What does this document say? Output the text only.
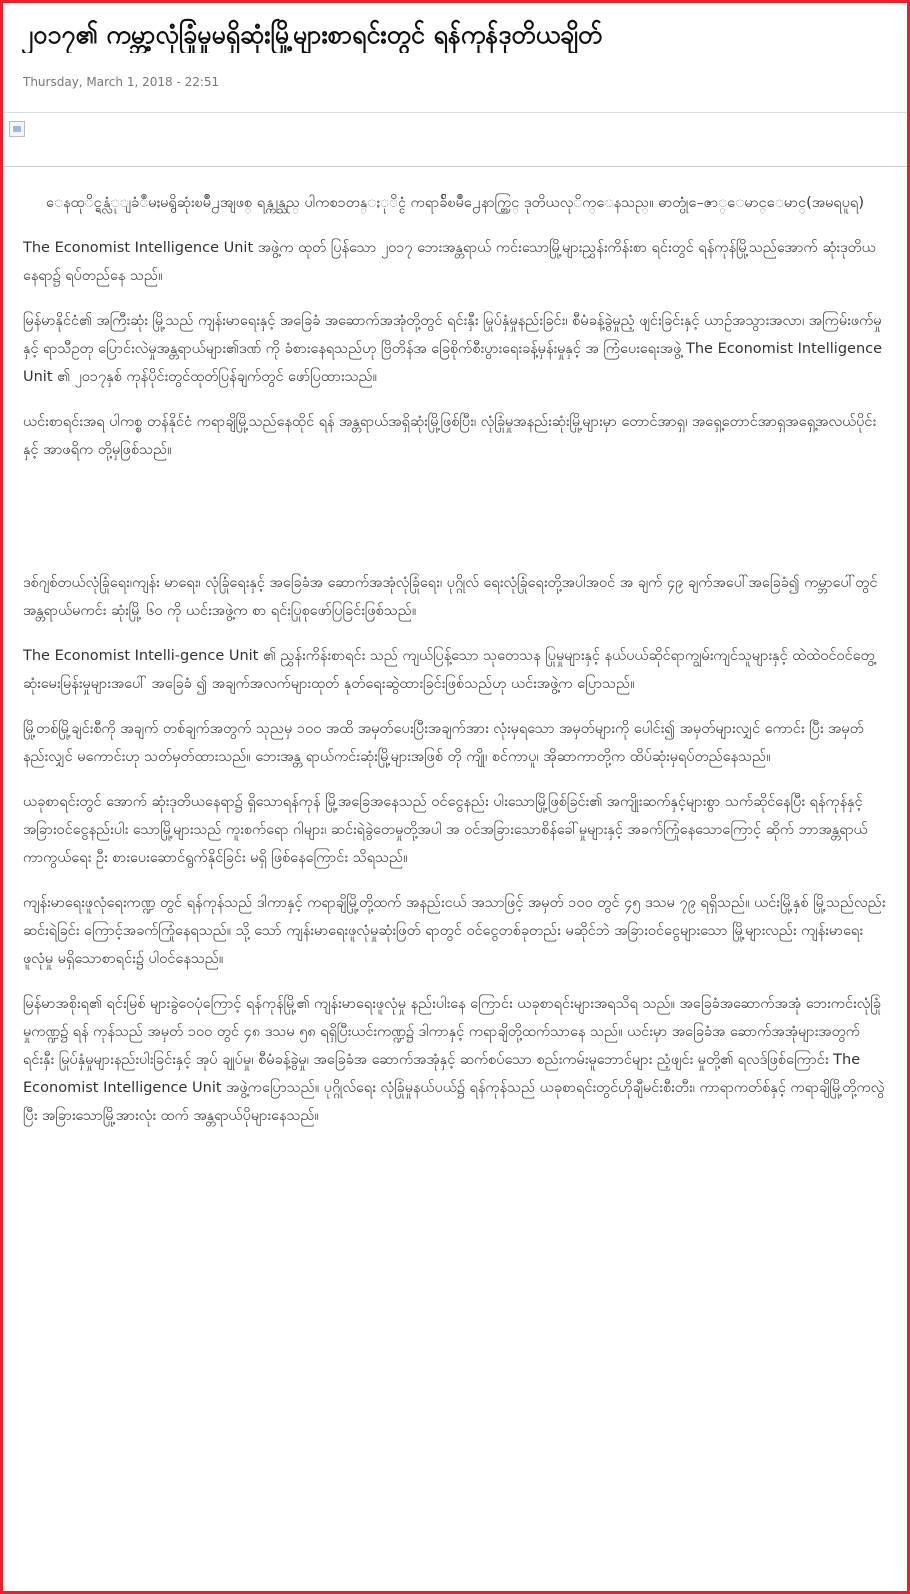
၂၀၁၇၏ ကမ္ဘာ့လုံခြုံမှုမရှိဆုံးမြို့များစာရင်းတွင် ရန်ကုန်ဒုတိယချိတ်
Thursday, March 1, 2018 - 22:51

ေနထုိင္ရန္လံုျခံဳမႈမရွိဆုံးၿမိဳ႕အျဖစ္ ရန္ကုန္သည္ ပါကစၥတန္ႏုိင္ငံ ကရာခ်ိၿမိဳ႕ေနာက္တြင္ ဒုတိယလုိက္ေနသည္။ ဓာတ္ပုံ-ေဇာ္ေမာင္ေမာင္(အမရပူရ)

The Economist Intelligence Unit အဖွဲ့က ထုတ် ပြန်သော ၂၀၁၇ ဘေးအန္တရာယ် ကင်းသောမြို့များညွှန်းကိန်းစာ ရင်းတွင် ရန်ကုန်မြို့သည်အောက် ဆုံးဒုတိယနေရာ၌ ရပ်တည်နေ သည်။

မြန်မာနိုင်ငံ၏ အကြီးဆုံး မြို့သည် ကျန်းမာရေးနှင့် အခြေခံ အဆောက်အအုံတို့တွင် ရင်းနှီး မြုပ်နှံမှုနည်းခြင်း၊ စီမံခန့်ခွဲမှုညံ့ ဖျင်းခြင်းနှင့် ယာဉ်အသွားအလာ၊ အကြမ်းဖက်မှုနှင့် ရာသီဥတု ပြောင်းလဲမှုအန္တရာယ်များ၏ဒဏ် ကို ခံစားနေရသည်ဟု ဗြိတိန်အ ခြေစိုက်စီးပွားရေးခန့်မှန်းမှုနှင့် အ ကြံပေးရေးအဖွဲ့ The Economist Intelligence Unit ၏ ၂၀၁၇နှစ် ကုန်ပိုင်းတွင်ထုတ်ပြန်ချက်တွင် ဖော်ပြထားသည်။

ယင်းစာရင်းအရ ပါကစ္စ တန်နိုင်ငံ ကရာချိမြို့သည်နေထိုင် ရန် အန္တရာယ်အရှိဆုံးမြို့ဖြစ်ပြီး၊ လုံခြုံမှုအနည်းဆုံးမြို့များမှာ တောင်အာရှ၊ အရှေ့တောင်အာရှအရှေ့အလယ်ပိုင်းနှင့် အာဖရိက တို့မှဖြစ်သည်။

ဒစ်ဂျစ်တယ်လုံခြုံရေး၊ကျန်း မာရေး၊ လုံခြုံရေးနှင့် အခြေခံအ ဆောက်အအုံလုံခြုံရေး၊ ပုဂ္ဂိုလ် ရေးလုံခြုံရေးတို့အပါအဝင် အ ချက် ၄၉ ချက်အပေါ်အခြေခံ၍ ကမ္ဘာပေါ်တွင် အန္တရာယ်မကင်း ဆုံးမြို့ ၆၀ ကို ယင်းအဖွဲ့က စာ ရင်းပြုစုဖော်ပြခြင်းဖြစ်သည်။

The Economist Intelli-gence Unit ၏ ညွှန်းကိန်းစာရင်း သည် ကျယ်ပြန့်သော သုတေသန ပြုမှုများနှင့် နယ်ပယ်ဆိုင်ရာကျွမ်းကျင်သူများနှင့် ထဲထဲဝင်ဝင်တွေ့ ဆုံးမေးမြန်းမှုများအပေါ် အခြေခံ ၍ အချက်အလက်များထုတ် နုတ်ရေးဆွဲထားခြင်းဖြစ်သည်ဟု ယင်းအဖွဲ့က ပြောသည်။

မြို့တစ်မြို့ချင်းစီကို အချက် တစ်ချက်အတွက် သုညမှ ၁၀၀ အထိ အမှတ်ပေးပြီးအချက်အား လုံးမှရသော အမှတ်များကို ပေါင်း၍ အမှတ်များလျှင် ကောင်း ပြီး အမှတ်နည်းလျှင် မကောင်းဟု သတ်မှတ်ထားသည်။ ဘေးအန္တ ရာယ်ကင်းဆုံးမြို့များအဖြစ် တို ကျို၊ စင်ကာပူ၊ အိုဆာကာတို့က ထိပ်ဆုံးမှရပ်တည်နေသည်။

ယခုစာရင်းတွင် အောက် ဆုံးဒုတိယနေရာ၌ ရှိသောရန်ကုန် မြို့အခြေအနေသည် ဝင်ငွေနည်း ပါးသောမြို့ဖြစ်ခြင်း၏ အကျိုးဆက်နှင့်များစွာ သက်ဆိုင်နေပြီး ရန်ကုန်နှင့် အခြားဝင်ငွေနည်းပါး သောမြို့များသည် ကူးစက်ရော ဂါများ၊ ဆင်းရဲခွဲတေမှုတို့အပါ အ ဝင်အခြားသောစိန်ခေါ်မှုများနှင့် အခက်ကြုံနေသောကြောင့် ဆိုက် ဘာအန္တရာယ်ကာကွယ်ရေး ဦး စားပေးဆောင်ရွက်နိုင်ခြင်း မရှိ ဖြစ်နေကြောင်း သိရသည်။

ကျန်းမာရေးဖူလုံရေးကဏ္ဍ တွင် ရန်ကုန်သည် ဒါကာနှင့် ကရာချိမြို့တို့ထက် အနည်းငယ် အသာဖြင့် အမှတ် ၁၀၀ တွင် ၄၅ ဒသမ ၇၉ ရရှိသည်။ ယင်းမြို့နှစ် မြို့သည်လည်း ဆင်းရဲခြင်း ကြောင့်အခက်ကြုံနေရသည်။ သို့ သော် ကျန်းမာရေးဖူလုံမှုဆုံးဖြတ် ရာတွင် ဝင်ငွေတစ်ခုတည်း မဆိုင်ဘဲ အခြားဝင်ငွေများသော မြို့များလည်း ကျန်းမာရေးဖူလုံမှု မရှိသောစာရင်း၌ ပါဝင်နေသည်။

မြန်မာအစိုးရ၏ ရင်းမြစ် များခွဲဝေပုံကြောင့် ရန်ကုန်မြို့၏ ကျန်းမာရေးဖူလုံမှု နည်းပါးနေ ကြောင်း ယခုစာရင်းများအရသိရ သည်။ အခြေခံအဆောက်အအုံ ဘေးကင်းလုံခြုံမှုကဏ္ဍ၌ ရန် ကုန်သည် အမှတ် ၁၀၀ တွင် ၄၈ ဒသမ ၅၈ ရရှိပြီးယင်းကဏ္ဍ၌ ဒါကာနှင့် ကရာချိတို့ထက်သာနေ သည်။ ယင်းမှာ အခြေခံအ ဆောက်အအုံများအတွက် ရင်းနှီး မြုပ်နှံမှုများနည်းပါးခြင်းနှင့် အုပ် ချုပ်မှု၊ စီမံခန့်ခွဲမှု၊ အခြေခံအ ဆောက်အအုံနှင့် ဆက်စပ်သော စည်းကမ်းမူဘောင်များ ညံ့ဖျင်း မှုတို့၏ ရလဒ်ဖြစ်ကြောင်း The Economist Intelligence Unit အဖွဲ့ကပြောသည်။ ပုဂ္ဂိုလ်ရေး လုံခြုံမှုနယ်ပယ်၌ ရန်ကုန်သည် ယခုစာရင်းတွင်ဟိုချီမင်းစီးတီး၊ ကာရာကတ်စ်နှင့် ကရာချိမြို့တို့ကလွဲပြီး အခြားသောမြို့အားလုံး ထက် အန္တရာယ်ပိုများနေသည်။
